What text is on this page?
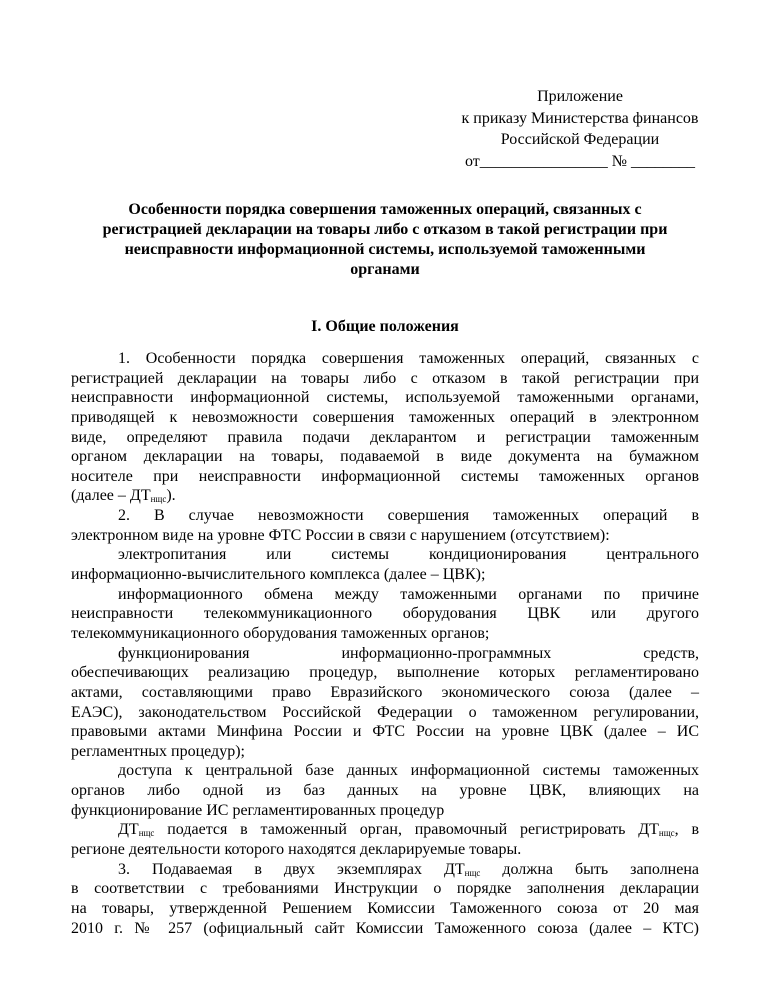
Приложение
к приказу Министерства финансов
Российской Федерации
от________________ № ________
Особенности порядка совершения таможенных операций, связанных с
регистрацией декларации на товары либо с отказом в такой регистрации при
неисправности информационной системы, используемой таможенными
органами
I. Общие положения
1. Особенности порядка совершения таможенных операций, связанных с
регистрацией декларации на товары либо с отказом в такой регистрации при
неисправности информационной системы, используемой таможенными органами,
приводящей к невозможности совершения таможенных операций в электронном
виде, определяют правила подачи декларантом и регистрации таможенным
органом декларации на товары, подаваемой в виде документа на бумажном
носителе при неисправности информационной системы таможенных органов
(далее – $ДТ_{нщс}$).
2. В случае невозможности совершения таможенных операций в
электронном виде на уровне ФТС России в связи с нарушением (отсутствием):
электропитания или системы кондиционирования центрального
информационно-вычислительного комплекса (далее – ЦВК);
информационного обмена между таможенными органами по причине
неисправности телекоммуникационного оборудования ЦВК или другого
телекоммуникационного оборудования таможенных органов;
функционирования информационно-программных средств,
обеспечивающих реализацию процедур, выполнение которых регламентировано
актами, составляющими право Евразийского экономического союза (далее –
ЕАЭС), законодательством Российской Федерации о таможенном регулировании,
правовыми актами Минфина России и ФТС России на уровне ЦВК (далее – ИС
регламентных процедур);
доступа к центральной базе данных информационной системы таможенных
органов либо одной из баз данных на уровне ЦВК, влияющих на
функционирование ИС регламентированных процедур
$ДТ_{нщс}$ подается в таможенный орган, правомочный регистрировать $ДТ_{нщс}$, в
регионе деятельности которого находятся декларируемые товары.
3. Подаваемая в двух экземплярах $ДТ_{нщс}$ должна быть заполнена
в соответствии с требованиями Инструкции о порядке заполнения декларации
на товары, утвержденной Решением Комиссии Таможенного союза от 20 мая
2010 г. № 257 (официальный сайт Комиссии Таможенного союза (далее – КТС)
